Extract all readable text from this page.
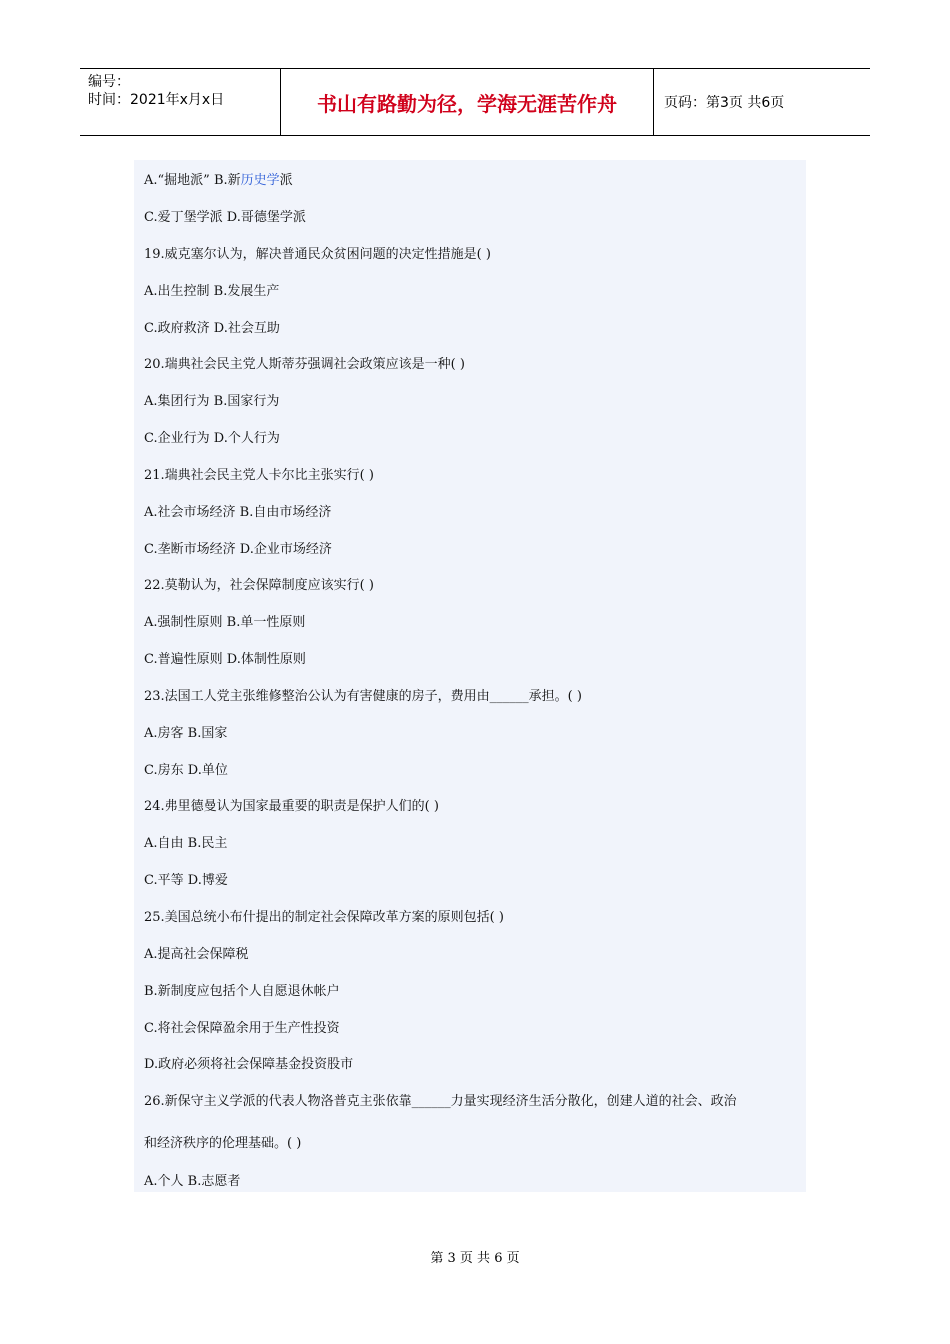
编号：
时间：2021年x月x日	书山有路勤为径，学海无涯苦作舟	页码：第3页 共6页
A.“掘地派” B.新历史学派
C.爱丁堡学派 D.哥德堡学派
19.威克塞尔认为，解决普通民众贫困问题的决定性措施是( )
A.出生控制 B.发展生产
C.政府救济 D.社会互助
20.瑞典社会民主党人斯蒂芬强调社会政策应该是一种( )
A.集团行为 B.国家行为
C.企业行为 D.个人行为
21.瑞典社会民主党人卡尔比主张实行( )
A.社会市场经济 B.自由市场经济
C.垄断市场经济 D.企业市场经济
22.莫勒认为，社会保障制度应该实行( )
A.强制性原则 B.单一性原则
C.普遍性原则 D.体制性原则
23.法国工人党主张维修整治公认为有害健康的房子，费用由______承担。( )
A.房客 B.国家
C.房东 D.单位
24.弗里德曼认为国家最重要的职责是保护人们的( )
A.自由 B.民主
C.平等 D.博爱
25.美国总统小布什提出的制定社会保障改革方案的原则包括( )
A.提高社会保障税
B.新制度应包括个人自愿退休帐户
C.将社会保障盈余用于生产性投资
D.政府必须将社会保障基金投资股市
26.新保守主义学派的代表人物洛普克主张依靠______力量实现经济生活分散化，创建人道的社会、政治
和经济秩序的伦理基础。( )
A.个人 B.志愿者
第 3 页 共 6 页
